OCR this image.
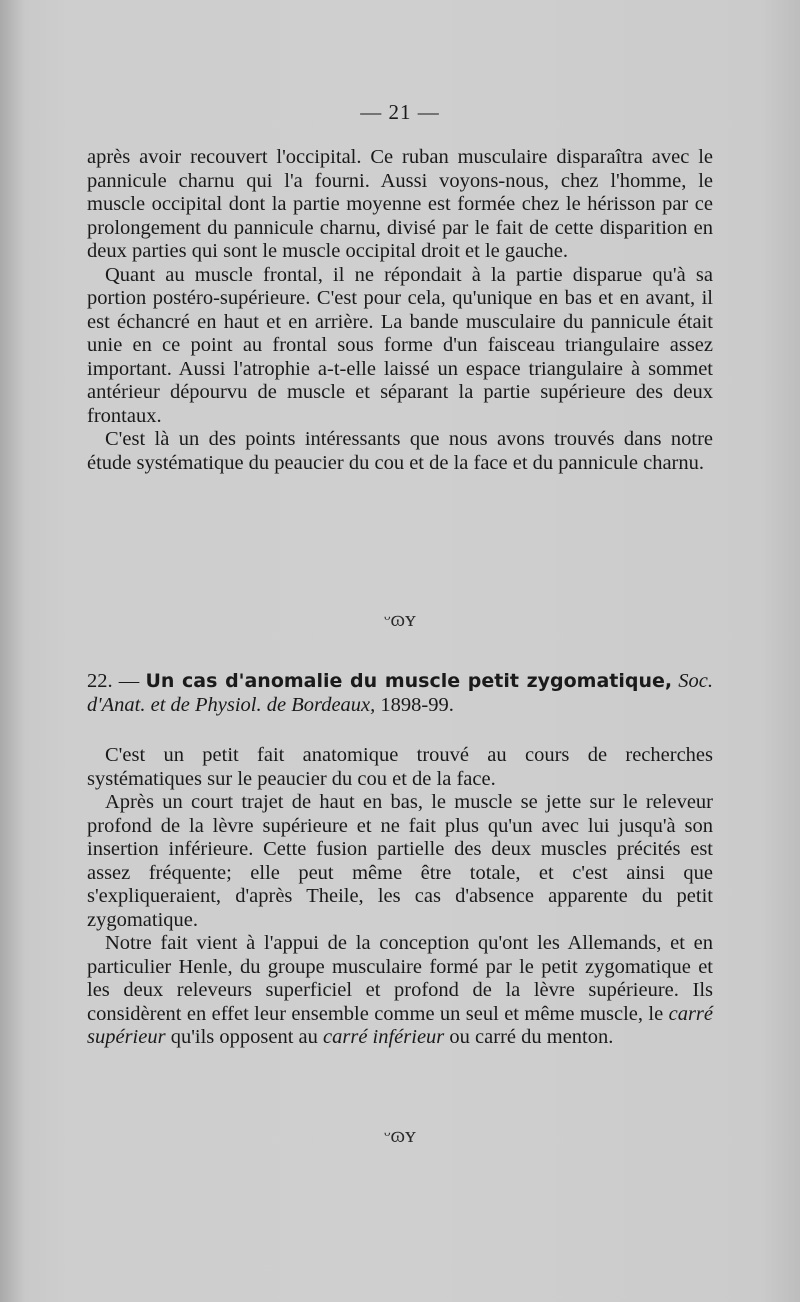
— 21 —

après avoir recouvert l'occipital. Ce ruban musculaire disparaîtra avec le pannicule charnu qui l'a fourni. Aussi voyons-nous, chez l'homme, le muscle occipital dont la partie moyenne est formée chez le hérisson par ce prolongement du pannicule charnu, divisé par le fait de cette disparition en deux parties qui sont le muscle occipital droit et le gauche.

Quant au muscle frontal, il ne répondait à la partie disparue qu'à sa portion postéro-supérieure. C'est pour cela, qu'unique en bas et en avant, il est échancré en haut et en arrière. La bande musculaire du pannicule était unie en ce point au frontal sous forme d'un faisceau triangulaire assez important. Aussi l'atrophie a-t-elle laissé un espace triangulaire à sommet antérieur dépourvu de muscle et séparant la partie supérieure des deux frontaux.

C'est là un des points intéressants que nous avons trouvés dans notre étude systématique du peaucier du cou et de la face et du pannicule charnu.

ᵕɷʏ

22. — Un cas d'anomalie du muscle petit zygomatique, Soc. d'Anat. et de Physiol. de Bordeaux, 1898-99.

C'est un petit fait anatomique trouvé au cours de recherches systématiques sur le peaucier du cou et de la face.

Après un court trajet de haut en bas, le muscle se jette sur le releveur profond de la lèvre supérieure et ne fait plus qu'un avec lui jusqu'à son insertion inférieure. Cette fusion partielle des deux muscles précités est assez fréquente; elle peut même être totale, et c'est ainsi que s'expliqueraient, d'après Theile, les cas d'absence apparente du petit zygomatique.

Notre fait vient à l'appui de la conception qu'ont les Allemands, et en particulier Henle, du groupe musculaire formé par le petit zygomatique et les deux releveurs superficiel et profond de la lèvre supérieure. Ils considèrent en effet leur ensemble comme un seul et même muscle, le carré supérieur qu'ils opposent au carré inférieur ou carré du menton.

ᵕɷʏ
